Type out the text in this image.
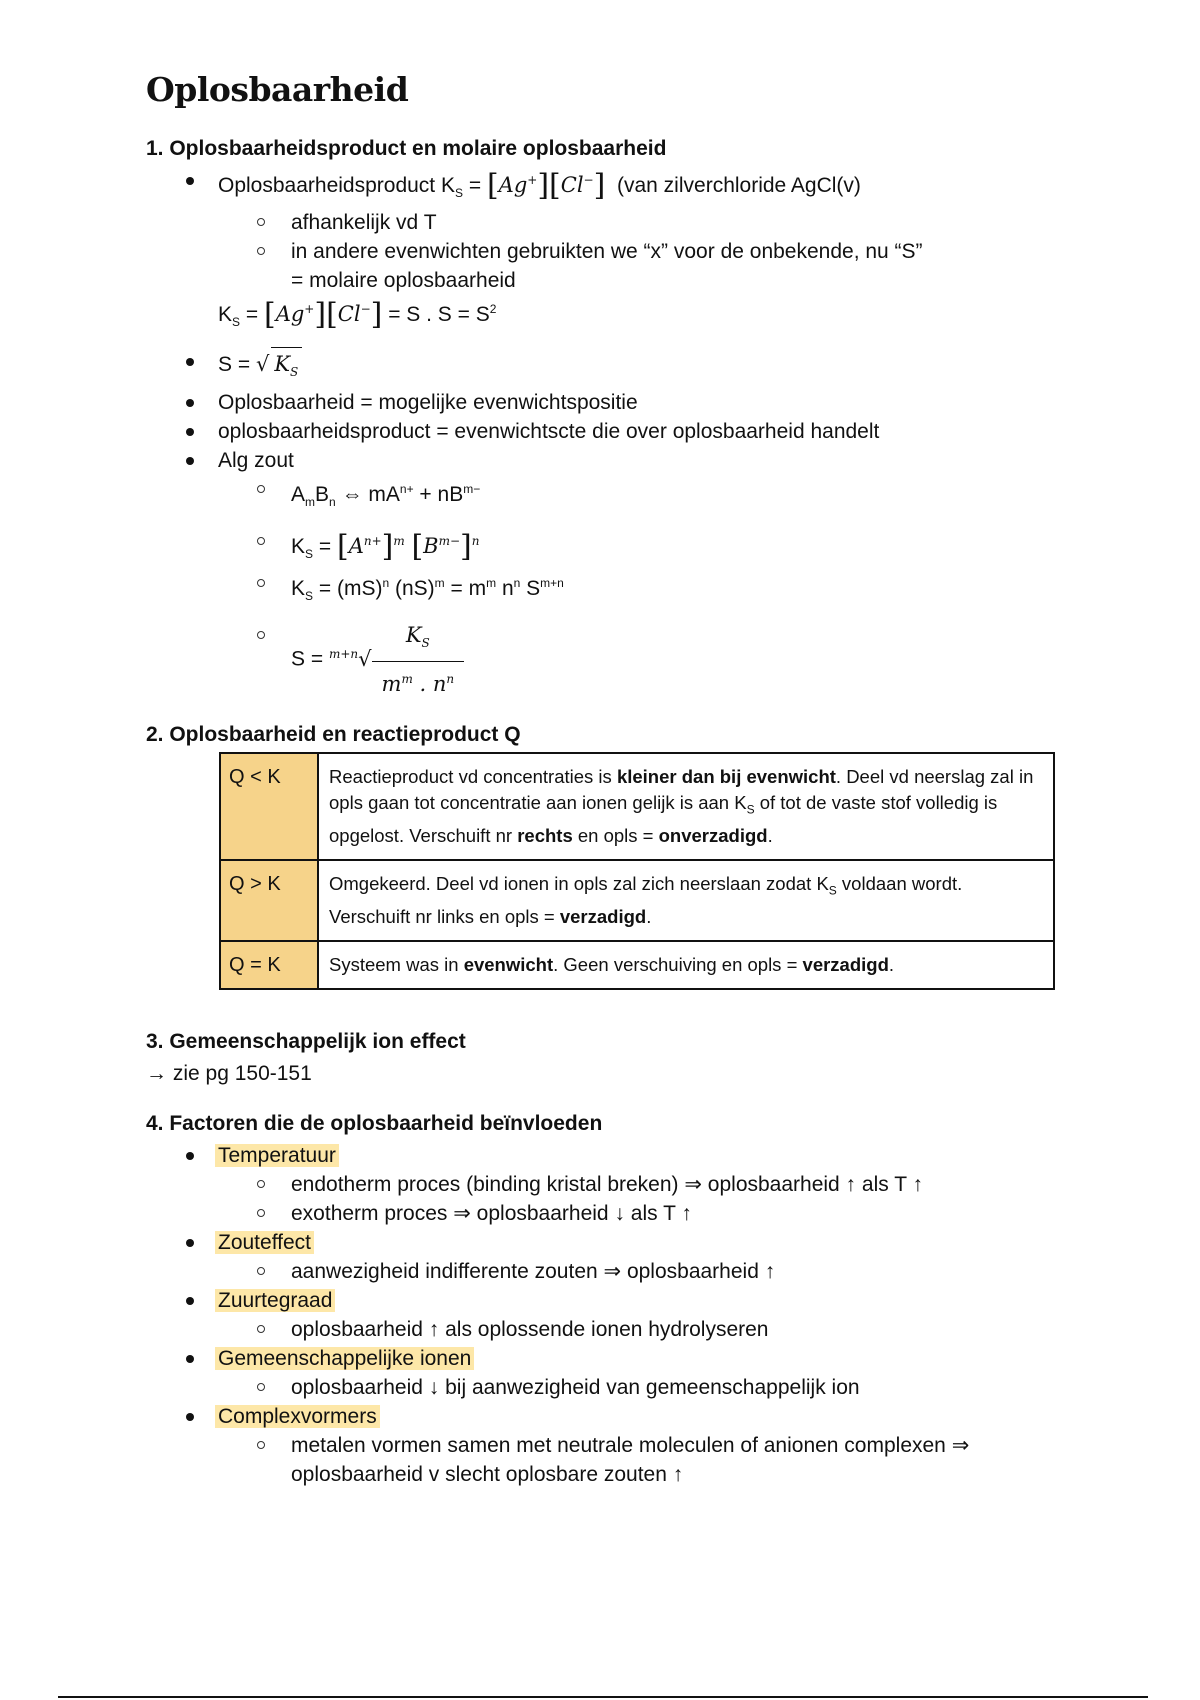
Oplosbaarheid
1. Oplosbaarheidsproduct en molaire oplosbaarheid
Oplosbaarheidsproduct $K_S = [Ag^+][Cl^-]$ (van zilverchloride AgCl(v)
afhankelijk vd T
in andere evenwichten gebruikten we “x” voor de onbekende, nu “S”
= molaire oplosbaarheid
$K_S = [Ag^+][Cl^-] = S$ . $S = S^2$
S = √ $K_S$
Oplosbaarheid = mogelijke evenwichtspositie
oplosbaarheidsproduct = evenwichtscte die over oplosbaarheid handelt
Alg zout
$A_mB_n$ ⇔ $mA^{n+} + nB^{m-}$
$K_S = [A^{n+}]^m$ $[B^{m-}]^n$
$K_S = (mS)^n$ $(nS)^m = m^m$ $n^n$ $S^{m+n}$
$S = ^{m+n}√ \frac{K_S}{m^m . n^n}$
2. Oplosbaarheid en reactieproduct Q
Q < K	Reactieproduct vd concentraties is kleiner dan bij evenwicht. Deel vd neerslag zal in opls gaan tot concentratie aan ionen gelijk is aan $K_S$ of tot de vaste stof volledig is opgelost. Verschuift nr rechts en opls = onverzadigd.
Q > K	Omgekeerd. Deel vd ionen in opls zal zich neerslaan zodat $K_S$ voldaan wordt. Verschuift nr links en opls = verzadigd.
Q = K	Systeem was in evenwicht. Geen verschuiving en opls = verzadigd.
3. Gemeenschappelijk ion effect
→ zie pg 150-151
4. Factoren die de oplosbaarheid beïnvloeden
Temperatuur
endotherm proces (binding kristal breken) ⇒ oplosbaarheid ↑ als T ↑
exotherm proces ⇒ oplosbaarheid ↓ als T ↑
Zouteffect
aanwezigheid indifferente zouten ⇒ oplosbaarheid ↑
Zuurtegraad
oplosbaarheid ↑ als oplossende ionen hydrolyseren
Gemeenschappelijke ionen
oplosbaarheid ↓ bij aanwezigheid van gemeenschappelijk ion
Complexvormers
metalen vormen samen met neutrale moleculen of anionen complexen ⇒
oplosbaarheid v slecht oplosbare zouten ↑
